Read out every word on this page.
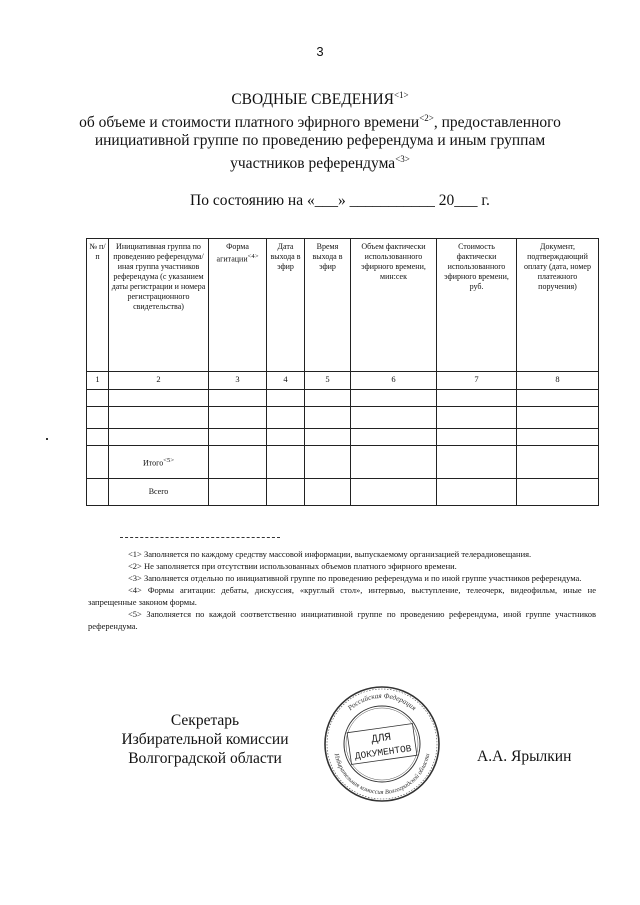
3
СВОДНЫЕ $СВЕДЕНИЯ^{<1>}$
об объеме и стоимости платного эфирного времени$^{<2>}$, предоставленного
инициативной группе по проведению референдума и иным группам
участников референдума$^{<3>}$
По состоянию на «___» ___________ 20___ г.
№ п/п	Инициативная группа по проведению референдума/ иная группа участников референдума (с указанием даты регистрации и номера регистрационного свидетельства)	Форма агитации$^{<4>}$	Дата выхода в эфир	Время выхода в эфир	Объем фактически использованного эфирного времени, мин:сек	Стоимость фактически использованного эфирного времени, руб.	Документ, подтверждающий оплату (дата, номер платежного поручения)
1	2	3	4	5	6	7	8

	Итого$^{<5>}$						
	Всего						

<1> Заполняется по каждому средству массовой информации, выпускаемому организацией телерадиовещания.

<2> Не заполняется при отсутствии использованных объемов платного эфирного времени.

<3> Заполняется отдельно по инициативной группе по проведению референдума и по иной группе участников референдума.

<4> Формы агитации: дебаты, дискуссия, «круглый стол», интервью, выступление, телеочерк, видеофильм, иные не запрещенные законом формы.

<5> Заполняется по каждой соответственно инициативной группе по проведению референдума, иной группе участников референдума.

Секретарь
Избирательной комиссии
Волгоградской области
Российская Федерация
Избирательная комиссия Волгоградской области
ДЛЯ
ДОКУМЕНТОВ	А.А. Ярылкин
